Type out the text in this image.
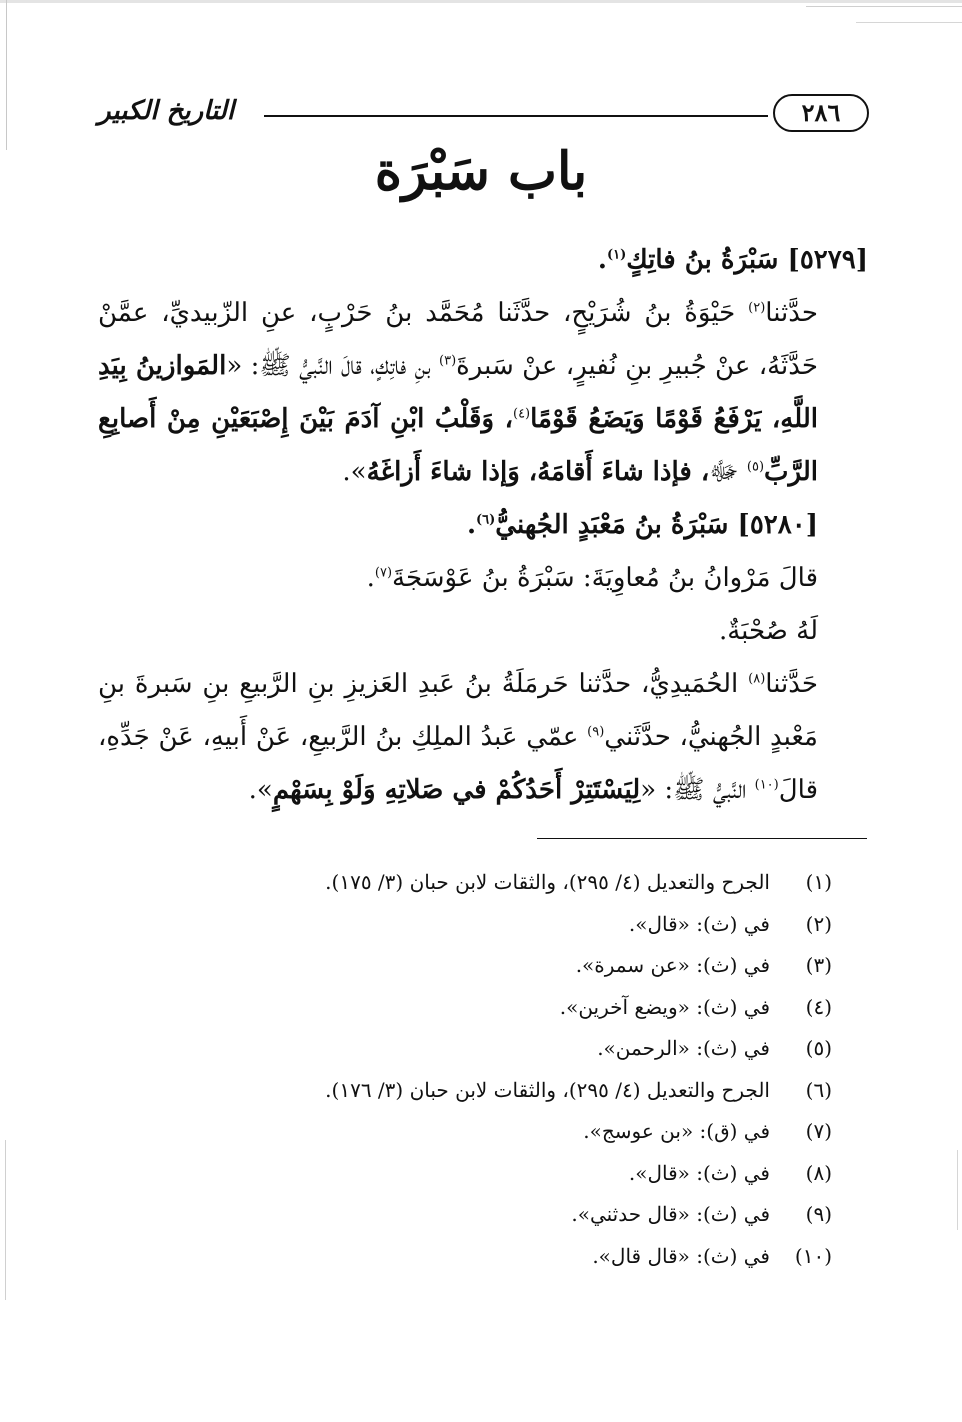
التاريخ الكبير	٢٨٦
باب سَبْرَة

[٥٢٧٩] سَبْرَةُ بنُ فاتِكٍ$^{(١)}$.

حدَّثنا$^{(٢)}$ حَيْوَةُ بنُ شُرَيْحٍ، حدَّثَنا مُحَمَّد بنُ حَرْبٍ، عنِ الزّبيديِّ، عمَّنْ حَدَّثَهُ، عنْ جُبيرِ بنِ نُفيرٍ، عنْ سَبرةَ$^{(٣)}$ بنِ فاتِكٍ، قالَ النَّبيُّ ﷺ: «المَوازينُ بِيَدِ اللَّهِ، يَرْفَعُ قَوْمًا وَيَضَعُ قَوْمًا$^{(٤)}$، وَقَلْبُ ابْنِ آدَمَ بَيْنَ إِصْبَعَيْنِ مِنْ أَصابِعِ الرَّبِّ$^{(٥)}$ ﷻ، فإذا شاءَ أَقامَهُ، وَإذا شاءَ أَزاغَهُ».

[٥٢٨٠] سَبْرَةُ بنُ مَعْبَدٍ الجُهنيُّ$^{(٦)}$.

قالَ مَرْوانُ بنُ مُعاوِيَةَ: سَبْرَةُ بنُ عَوْسَجَةَ$^{(٧)}$.

لَهُ صُحْبَةٌ.

حَدَّثنا$^{(٨)}$ الحُمَيدِيُّ، حدَّثنا حَرمَلَةُ بنُ عَبدِ العَزيزِ بنِ الرَّبيعِ بنِ سَبرةَ بنِ مَعْبدٍ الجُهنيُّ، حدَّثَني$^{(٩)}$ عمّي عَبدُ الملِكِ بنُ الرَّبيعِ، عَنْ أَبيهِ، عَنْ جَدِّهِ، قالَ$^{(١٠)}$ النَّبيُّ ﷺ: «لِيَسْتَتِرْ أَحَدُكُمْ في صَلاتِهِ وَلَوْ بِسَهْمٍ».

(١)
الجرح والتعديل (٤/ ٢٩٥)، والثقات لابن حبان (٣/ ١٧٥).
(٢)
في (ث): «قال».
(٣)
في (ث): «عن سمرة».
(٤)
في (ث): «ويضع آخرين».
(٥)
في (ث): «الرحمن».
(٦)
الجرح والتعديل (٤/ ٢٩٥)، والثقات لابن حبان (٣/ ١٧٦).
(٧)
في (ق): «بن عوسج».
(٨)
في (ث): «قال».
(٩)
في (ث): «قال حدثني».
(١٠)
في (ث): «قال قال».
